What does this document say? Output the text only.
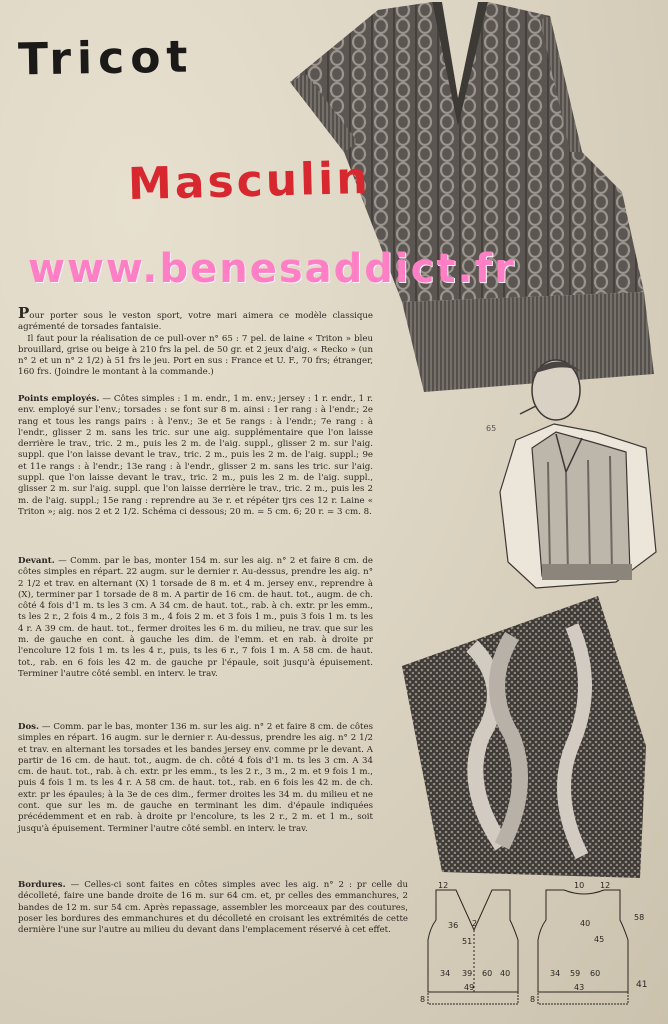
Tricot
Masculin
www.benesaddict.fr
65

Pour porter sous le veston sport, votre mari aimera ce modèle classique agrémenté de torsades fantaisie.
Il faut pour la réalisation de ce pull-over n° 65 : 7 pel. de laine « Triton » bleu brouillard, grise ou beige à 210 frs la pel. de 50 gr. et 2 jeux d'aig. « Recko » (un n° 2 et un n° 2 1/2) à 51 frs le jeu. Port en sus : France et U. F., 70 frs; étranger, 160 frs. (Joindre le montant à la commande.)

Points employés. — Côtes simples : 1 m. endr., 1 m. env.; jersey : 1 r. endr., 1 r. env. employé sur l'env.; torsades : se font sur 8 m. ainsi : 1er rang : à l'endr.; 2e rang et tous les rangs pairs : à l'env.; 3e et 5e rangs : à l'endr.; 7e rang : à l'endr., glisser 2 m. sans les tric. sur une aig. supplémentaire que l'on laisse derrière le trav., tric. 2 m., puis les 2 m. de l'aig. suppl., glisser 2 m. sur l'aig. suppl. que l'on laisse devant le trav., tric. 2 m., puis les 2 m. de l'aig. suppl.; 9e et 11e rangs : à l'endr.; 13e rang : à l'endr., glisser 2 m. sans les tric. sur l'aig. suppl. que l'on laisse devant le trav., tric. 2 m., puis les 2 m. de l'aig. suppl., glisser 2 m. sur l'aig. suppl. que l'on laisse derrière le trav., tric. 2 m., puis les 2 m. de l'aig. suppl.; 15e rang : reprendre au 3e r. et répéter tjrs ces 12 r. Laine « Triton »; aig. nos 2 et 2 1/2. Schéma ci dessous; 20 m. = 5 cm. 6; 20 r. = 3 cm. 8.

Devant. — Comm. par le bas, monter 154 m. sur les aig. n° 2 et faire 8 cm. de côtes simples en répart. 22 augm. sur le dernier r. Au-dessus, prendre les aig. n° 2 1/2 et trav. en alternant (X) 1 torsade de 8 m. et 4 m. jersey env., reprendre à (X), terminer par 1 torsade de 8 m. A partir de 16 cm. de haut. tot., augm. de ch. côté 4 fois d'1 m. ts les 3 cm. A 34 cm. de haut. tot., rab. à ch. extr. pr les emm., ts les 2 r., 2 fois 4 m., 2 fois 3 m., 4 fois 2 m. et 3 fois 1 m., puis 3 fois 1 m. ts les 4 r. A 39 cm. de haut. tot., fermer droites les 6 m. du milieu, ne trav. que sur les m. de gauche en cont. à gauche les dim. de l'emm. et en rab. à droite pr l'encolure 12 fois 1 m. ts les 4 r., puis, ts les 6 r., 7 fois 1 m. A 58 cm. de haut. tot., rab. en 6 fois les 42 m. de gauche pr l'épaule, soit jusqu'à épuisement. Terminer l'autre côté sembl. en interv. le trav.

Dos. — Comm. par le bas, monter 136 m. sur les aig. n° 2 et faire 8 cm. de côtes simples en répart. 16 augm. sur le dernier r. Au-dessus, prendre les aig. n° 2 1/2 et trav. en alternant les torsades et les bandes jersey env. comme pr le devant. A partir de 16 cm. de haut. tot., augm. de ch. côté 4 fois d'1 m. ts les 3 cm. A 34 cm. de haut. tot., rab. à ch. extr. pr les emm., ts les 2 r., 3 m., 2 m. et 9 fois 1 m., puis 4 fois 1 m. ts les 4 r. A 58 cm. de haut. tot., rab. en 6 fois les 42 m. de ch. extr. pr les épaules; à la 3e de ces dim., fermer droites les 34 m. du milieu et ne cont. que sur les m. de gauche en terminant les dim. d'épaule indiquées précédemment et en rab. à droite pr l'encolure, ts les 2 r., 2 m. et 1 m., soit jusqu'à épuisement. Terminer l'autre côté sembl. en interv. le trav.

Bordures. — Celles-ci sont faites en côtes simples avec les aig. n° 2 : pr celle du décolleté, faire une bande droite de 16 m. sur 64 cm. et, pr celles des emmanchures, 2 bandes de 12 m. sur 54 cm. Après repassage, assembler les morceaux par des coutures, poser les bordures des emmanchures et du décolleté en croisant les extrémités de cette dernière l'une sur l'autre au milieu du devant dans l'emplacement réservé à cet effet.

12
36 2
51
34 39 60 40
49
8
10 12
40
45
34 59 60
58
43
8
41
